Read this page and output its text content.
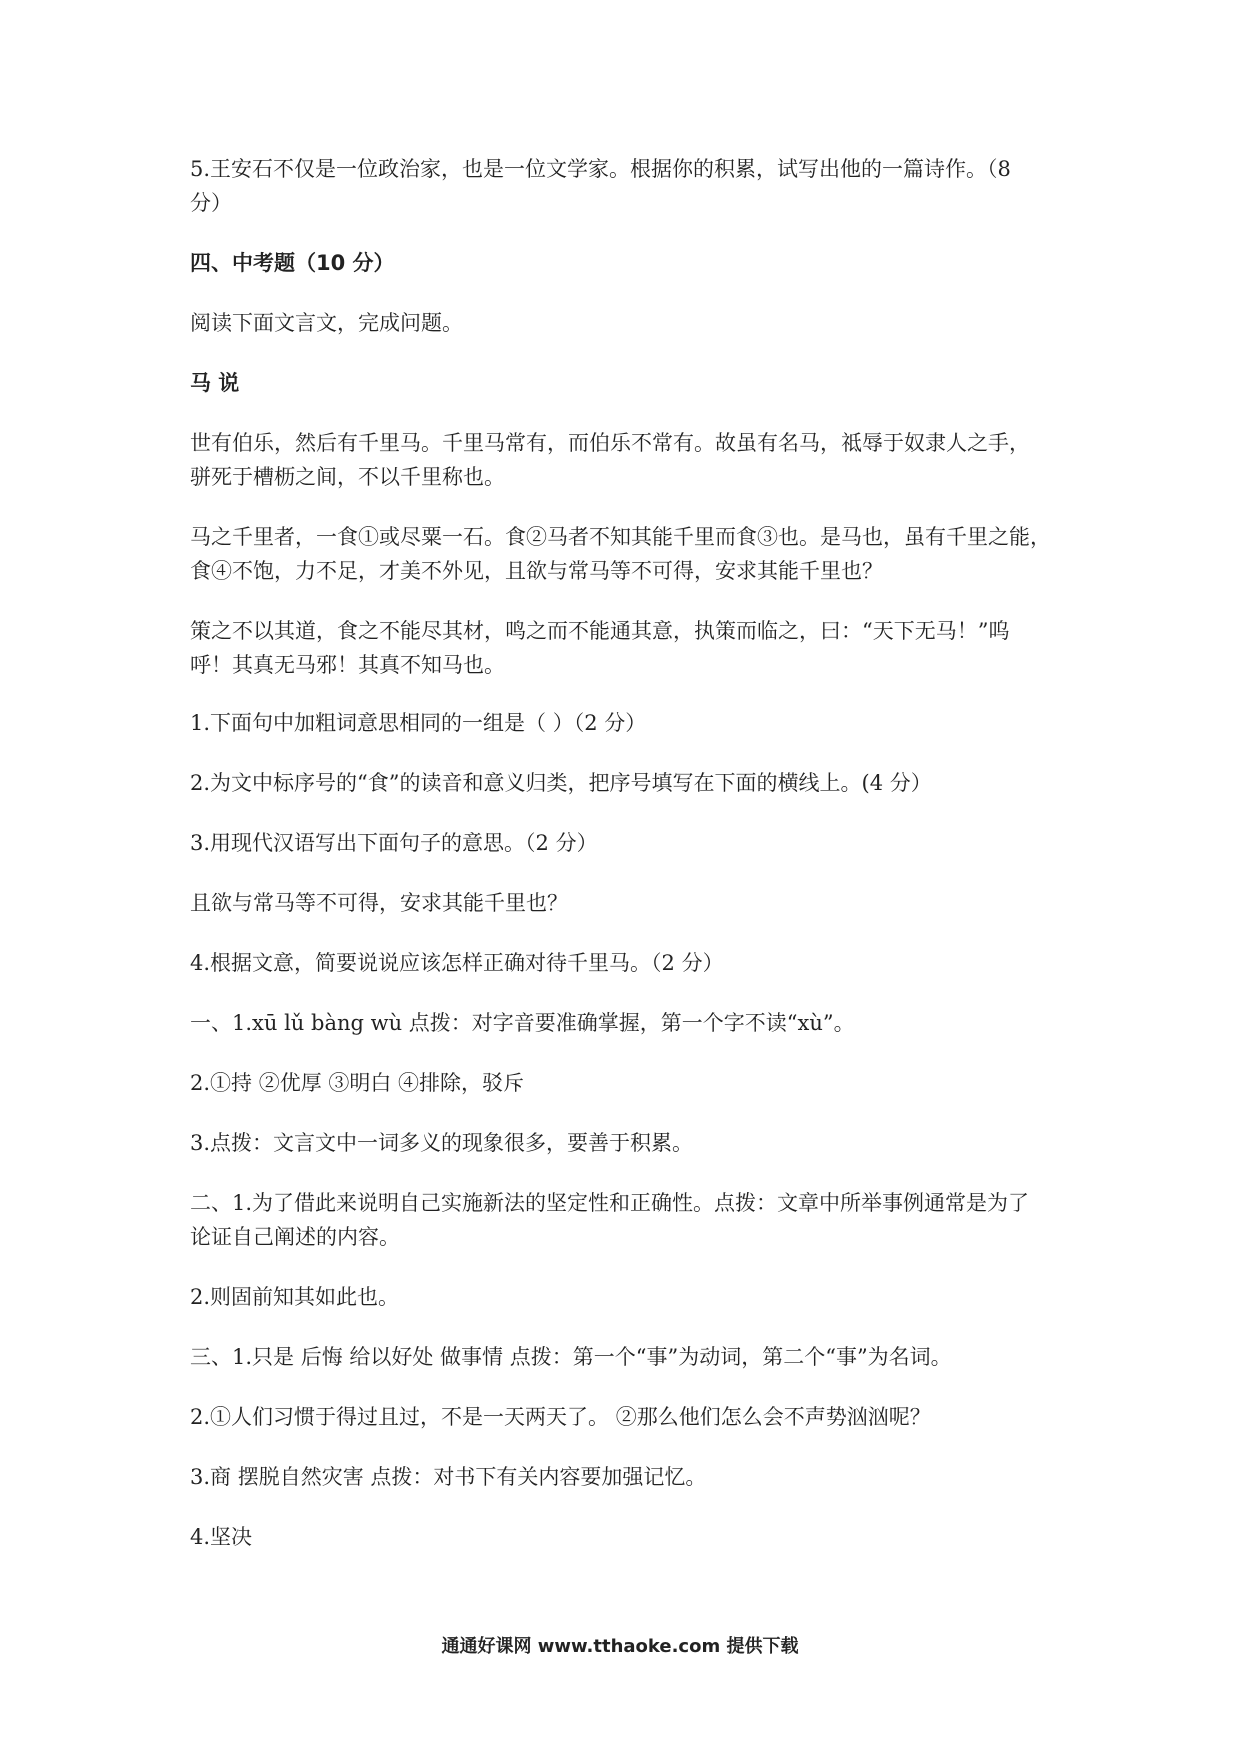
5.王安石不仅是一位政治家，也是一位文学家。根据你的积累，试写出他的一篇诗作。（8
分）
四、中考题（10 分）
阅读下面文言文，完成问题。
马 说
世有伯乐，然后有千里马。千里马常有，而伯乐不常有。故虽有名马，祗辱于奴隶人之手，
骈死于槽枥之间，不以千里称也。
马之千里者，一食①或尽粟一石。食②马者不知其能千里而食③也。是马也，虽有千里之能，
食④不饱，力不足，才美不外见，且欲与常马等不可得，安求其能千里也？
策之不以其道，食之不能尽其材，鸣之而不能通其意，执策而临之，曰：“天下无马！”呜
呼！其真无马邪！其真不知马也。
1.下面句中加粗词意思相同的一组是（ ）（2 分）
2.为文中标序号的“食”的读音和意义归类，把序号填写在下面的横线上。(4 分）
3.用现代汉语写出下面句子的意思。（2 分）
且欲与常马等不可得，安求其能千里也？
4.根据文意，简要说说应该怎样正确对待千里马。（2 分）
一、1.xū lǔ bàng wù 点拨：对字音要准确掌握，第一个字不读“xù”。
2.①持 ②优厚 ③明白 ④排除，驳斥
3.点拨：文言文中一词多义的现象很多，要善于积累。
二、1.为了借此来说明自己实施新法的坚定性和正确性。点拨：文章中所举事例通常是为了
论证自己阐述的内容。
2.则固前知其如此也。
三、1.只是 后悔 给以好处 做事情 点拨：第一个“事”为动词，第二个“事”为名词。
2.①人们习惯于得过且过，不是一天两天了。 ②那么他们怎么会不声势汹汹呢？
3.商 摆脱自然灾害 点拨：对书下有关内容要加强记忆。
4.坚决
通通好课网 www.tthaoke.com 提供下载
